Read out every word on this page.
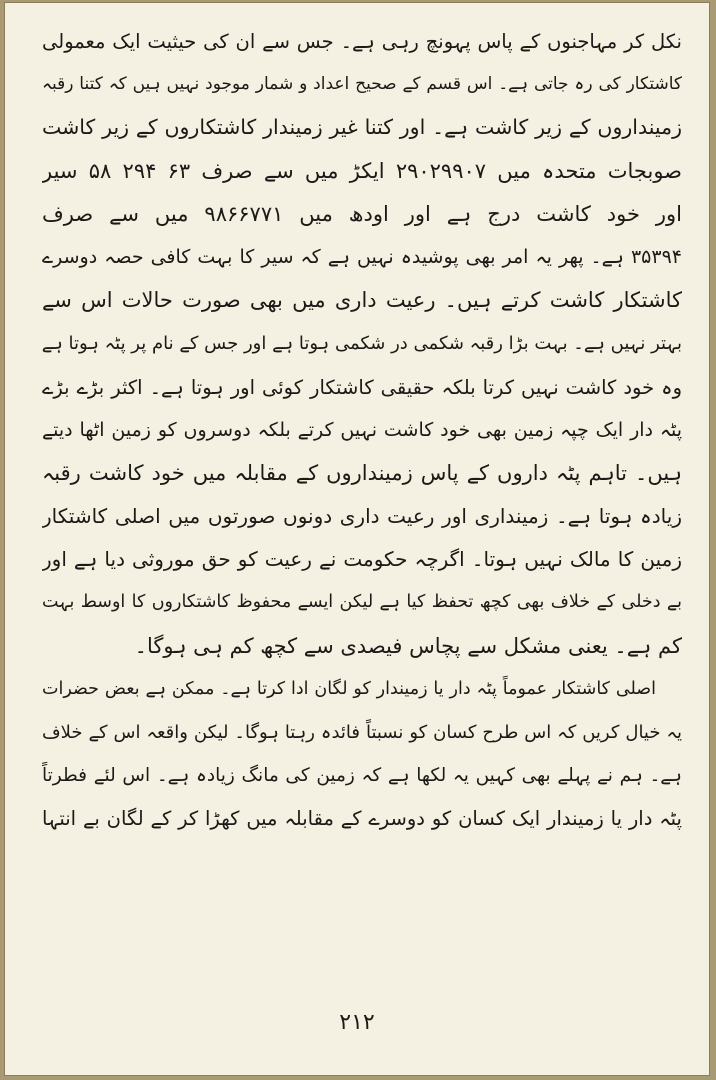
نکل کر مہاجنوں کے پاس پہونچ رہی ہے۔ جس سے ان کی حیثیت ایک معمولی
کاشتکار کی رہ جاتی ہے۔ اس قسم کے صحیح اعداد و شمار موجود نہیں ہیں کہ کتنا رقبہ
زمینداروں کے زیر کاشت ہے۔ اور کتنا غیر زمیندار کاشتکاروں کے زیر کاشت
صوبجات متحدہ میں ۲۹۰۲۹۹۰۷ ایکڑ میں سے صرف ۶۳ ۲۹۴ ۵۸ سیر
اور خود کاشت درج ہے اور اودھ میں ۹۸۶۶۷۷۱ میں سے صرف
۳۵۳۹۴ ہے۔ پھر یہ امر بھی پوشیدہ نہیں ہے کہ سیر کا بہت کافی حصہ دوسرے
کاشتکار کاشت کرتے ہیں۔ رعیت داری میں بھی صورت حالات اس سے
بہتر نہیں ہے۔ بہت بڑا رقبہ شکمی در شکمی ہوتا ہے اور جس کے نام پر پٹہ ہوتا ہے
وہ خود کاشت نہیں کرتا بلکہ حقیقی کاشتکار کوئی اور ہوتا ہے۔ اکثر بڑے بڑے
پٹہ دار ایک چپہ زمین بھی خود کاشت نہیں کرتے بلکہ دوسروں کو زمین اٹھا دیتے
ہیں۔ تاہم پٹہ داروں کے پاس زمینداروں کے مقابلہ میں خود کاشت رقبہ
زیادہ ہوتا ہے۔ زمینداری اور رعیت داری دونوں صورتوں میں اصلی کاشتکار
زمین کا مالک نہیں ہوتا۔ اگرچہ حکومت نے رعیت کو حق موروثی دیا ہے اور
بے دخلی کے خلاف بھی کچھ تحفظ کیا ہے لیکن ایسے محفوظ کاشتکاروں کا اوسط بہت
کم ہے۔ یعنی مشکل سے پچاس فیصدی سے کچھ کم ہی ہوگا۔
اصلی کاشتکار عموماً پٹہ دار یا زمیندار کو لگان ادا کرتا ہے۔ ممکن ہے بعض حضرات
یہ خیال کریں کہ اس طرح کسان کو نسبتاً فائدہ رہتا ہوگا۔ لیکن واقعہ اس کے خلاف
ہے۔ ہم نے پہلے بھی کہیں یہ لکھا ہے کہ زمین کی مانگ زیادہ ہے۔ اس لئے فطرتاً
پٹہ دار یا زمیندار ایک کسان کو دوسرے کے مقابلہ میں کھڑا کر کے لگان بے انتہا
۲۱۲
